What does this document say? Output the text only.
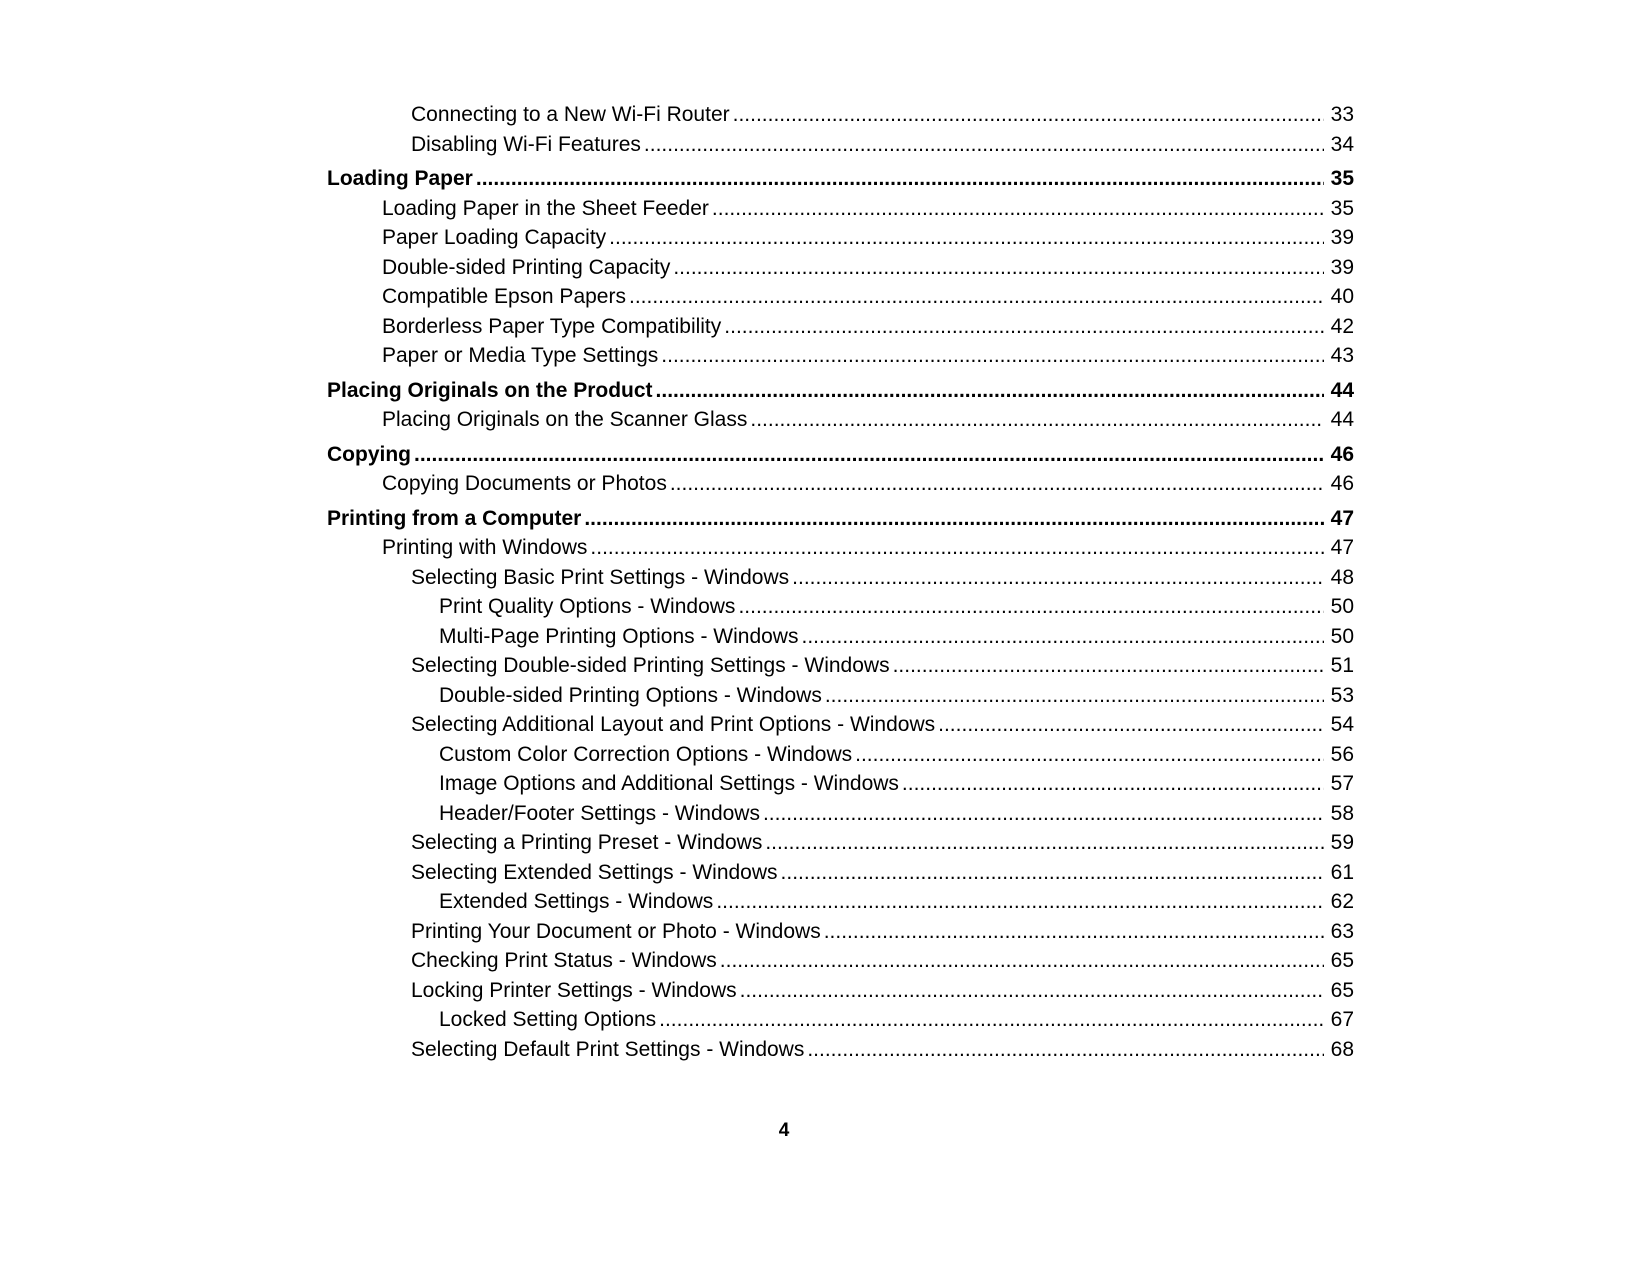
Connecting to a New Wi-Fi Router .....	33
Disabling Wi-Fi Features .....	34
Loading Paper .....	35
Loading Paper in the Sheet Feeder .....	35
Paper Loading Capacity .....	39
Double-sided Printing Capacity .....	39
Compatible Epson Papers .....	40
Borderless Paper Type Compatibility .....	42
Paper or Media Type Settings .....	43
Placing Originals on the Product .....	44
Placing Originals on the Scanner Glass .....	44
Copying .....	46
Copying Documents or Photos .....	46
Printing from a Computer .....	47
Printing with Windows .....	47
Selecting Basic Print Settings - Windows .....	48
Print Quality Options - Windows .....	50
Multi-Page Printing Options - Windows .....	50
Selecting Double-sided Printing Settings - Windows .....	51
Double-sided Printing Options - Windows .....	53
Selecting Additional Layout and Print Options - Windows .....	54
Custom Color Correction Options - Windows .....	56
Image Options and Additional Settings - Windows .....	57
Header/Footer Settings - Windows .....	58
Selecting a Printing Preset - Windows .....	59
Selecting Extended Settings - Windows .....	61
Extended Settings - Windows .....	62
Printing Your Document or Photo - Windows .....	63
Checking Print Status - Windows .....	65
Locking Printer Settings - Windows .....	65
Locked Setting Options .....	67
Selecting Default Print Settings - Windows .....	68
4
